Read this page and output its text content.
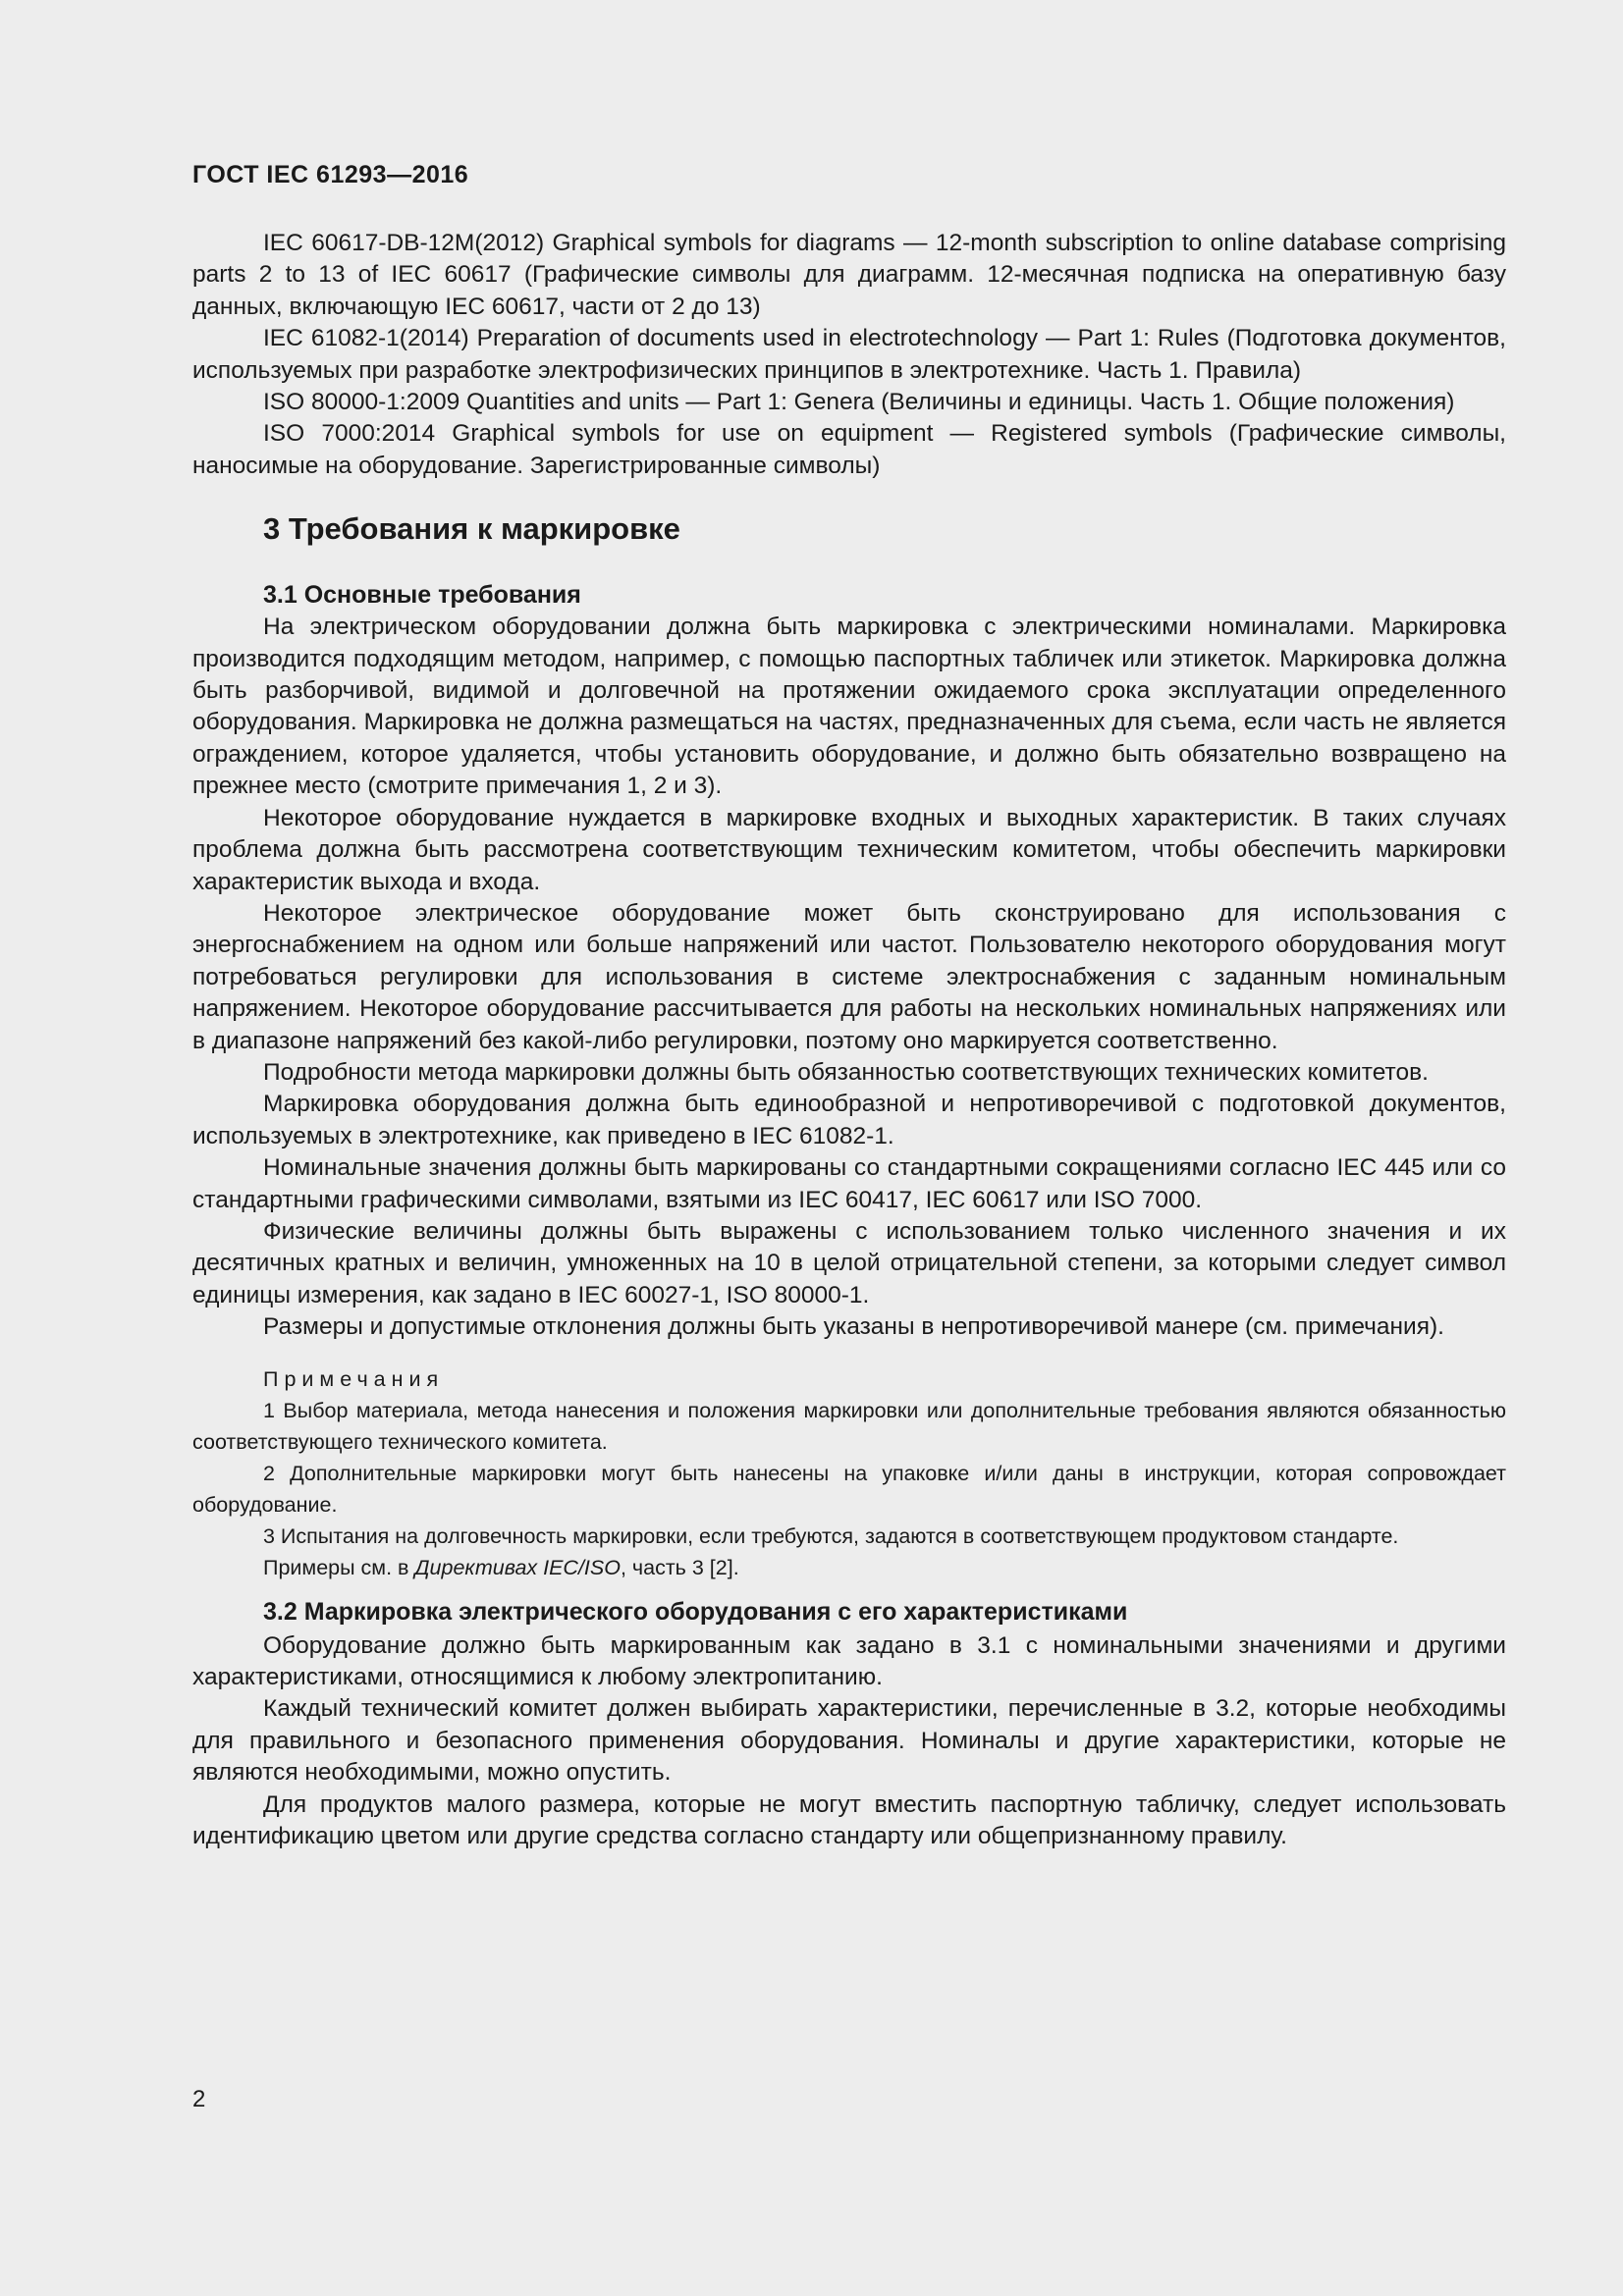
ГОСТ IEC 61293—2016

IEC 60617-DB-12M(2012) Graphical symbols for diagrams — 12-month subscription to online database comprising parts 2 to 13 of IEC 60617 (Графические символы для диаграмм. 12-месячная подписка на оперативную базу данных, включающую IEC 60617, части от 2 до 13)

IEC 61082-1(2014) Preparation of documents used in electrotechnology — Part 1: Rules (Подготовка документов, используемых при разработке электрофизических принципов в электротехнике. Часть 1. Правила)

ISO 80000-1:2009 Quantities and units — Part 1: Genera (Величины и единицы. Часть 1. Общие положения)

ISO 7000:2014 Graphical symbols for use on equipment — Registered symbols (Графические символы, наносимые на оборудование. Зарегистрированные символы)

3 Требования к маркировке
3.1 Основные требования

На электрическом оборудовании должна быть маркировка с электрическими номиналами. Маркировка производится подходящим методом, например, с помощью паспортных табличек или этикеток. Маркировка должна быть разборчивой, видимой и долговечной на протяжении ожидаемого срока эксплуатации определенного оборудования. Маркировка не должна размещаться на частях, предназначенных для съема, если часть не является ограждением, которое удаляется, чтобы установить оборудование, и должно быть обязательно возвращено на прежнее место (смотрите примечания 1, 2 и 3).

Некоторое оборудование нуждается в маркировке входных и выходных характеристик. В таких случаях проблема должна быть рассмотрена соответствующим техническим комитетом, чтобы обеспечить маркировки характеристик выхода и входа.

Некоторое электрическое оборудование может быть сконструировано для использования с энергоснабжением на одном или больше напряжений или частот. Пользователю некоторого оборудования могут потребоваться регулировки для использования в системе электроснабжения с заданным номинальным напряжением. Некоторое оборудование рассчитывается для работы на нескольких номинальных напряжениях или в диапазоне напряжений без какой-либо регулировки, поэтому оно маркируется соответственно.

Подробности метода маркировки должны быть обязанностью соответствующих технических комитетов.

Маркировка оборудования должна быть единообразной и непротиворечивой с подготовкой документов, используемых в электротехнике, как приведено в IEC 61082-1.

Номинальные значения должны быть маркированы со стандартными сокращениями согласно IEC 445 или со стандартными графическими символами, взятыми из IEC 60417, IEC 60617 или ISO 7000.

Физические величины должны быть выражены с использованием только численного значения и их десятичных кратных и величин, умноженных на 10 в целой отрицательной степени, за которыми следует символ единицы измерения, как задано в IEC 60027-1, ISO 80000-1.

Размеры и допустимые отклонения должны быть указаны в непротиворечивой манере (см. примечания).

Примечания

1 Выбор материала, метода нанесения и положения маркировки или дополнительные требования являются обязанностью соответствующего технического комитета.

2 Дополнительные маркировки могут быть нанесены на упаковке и/или даны в инструкции, которая сопровождает оборудование.

3 Испытания на долговечность маркировки, если требуются, задаются в соответствующем продуктовом стандарте.

Примеры см. в Директивах IEC/ISO, часть 3 [2].

3.2 Маркировка электрического оборудования с его характеристиками

Оборудование должно быть маркированным как задано в 3.1 с номинальными значениями и другими характеристиками, относящимися к любому электропитанию.

Каждый технический комитет должен выбирать характеристики, перечисленные в 3.2, которые необходимы для правильного и безопасного применения оборудования. Номиналы и другие характеристики, которые не являются необходимыми, можно опустить.

Для продуктов малого размера, которые не могут вместить паспортную табличку, следует использовать идентификацию цветом или другие средства согласно стандарту или общепризнанному правилу.

2
